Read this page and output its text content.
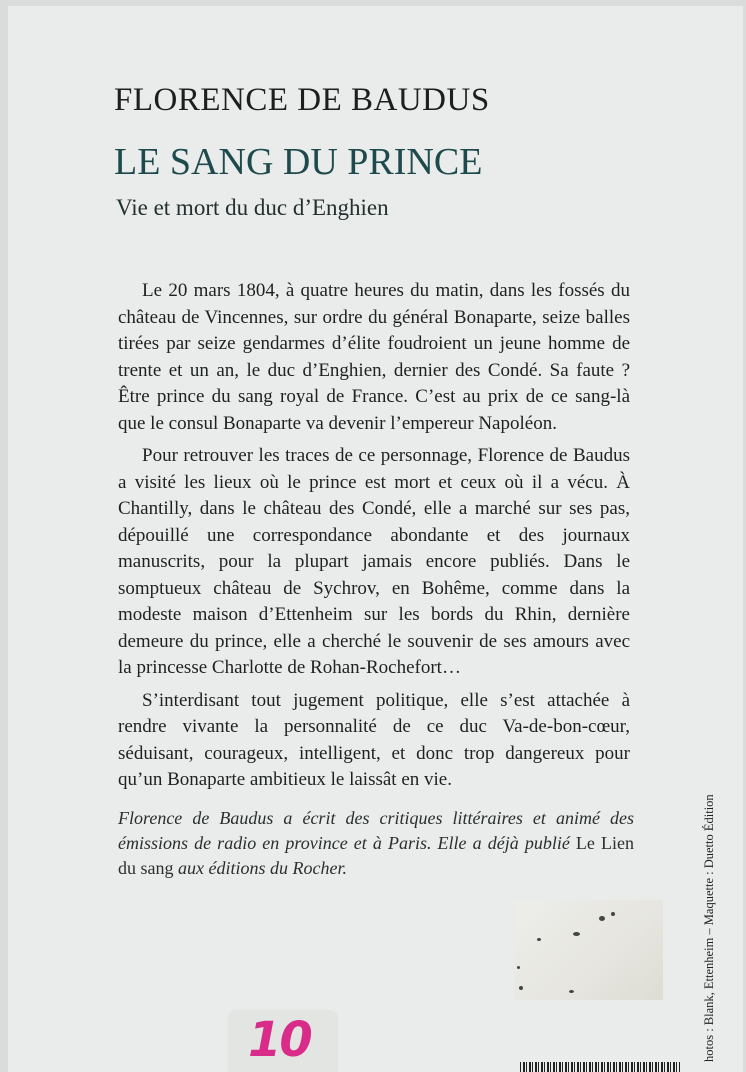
FLORENCE DE BAUDUS
LE SANG DU PRINCE
Vie et mort du duc d’Enghien

Le 20 mars 1804, à quatre heures du matin, dans les fossés du château de Vincennes, sur ordre du général Bonaparte, seize balles tirées par seize gendarmes d’élite foudroient un jeune homme de trente et un an, le duc d’Enghien, dernier des Condé. Sa faute ? Être prince du sang royal de France. C’est au prix de ce sang-là que le consul Bonaparte va devenir l’empereur Napoléon.

Pour retrouver les traces de ce personnage, Florence de Baudus a visité les lieux où le prince est mort et ceux où il a vécu. À Chantilly, dans le château des Condé, elle a marché sur ses pas, dépouillé une correspondance abondante et des journaux manuscrits, pour la plupart jamais encore publiés. Dans le somptueux château de Sychrov, en Bohême, comme dans la modeste maison d’Ettenheim sur les bords du Rhin, dernière demeure du prince, elle a cherché le souvenir de ses amours avec la princesse Charlotte de Rohan-Rochefort…

S’interdisant tout jugement politique, elle s’est attachée à rendre vivante la personnalité de ce duc Va-de-bon-cœur, séduisant, courageux, intelligent, et donc trop dangereux pour qu’un Bonaparte ambitieux le laissât en vie.

Florence de Baudus a écrit des critiques littéraires et animé des émissions de radio en province et à Paris. Elle a déjà publié Le Lien du sang aux éditions du Rocher.	hotos : Blank, Ettenheim – Maquette : Duetto Édition
10
